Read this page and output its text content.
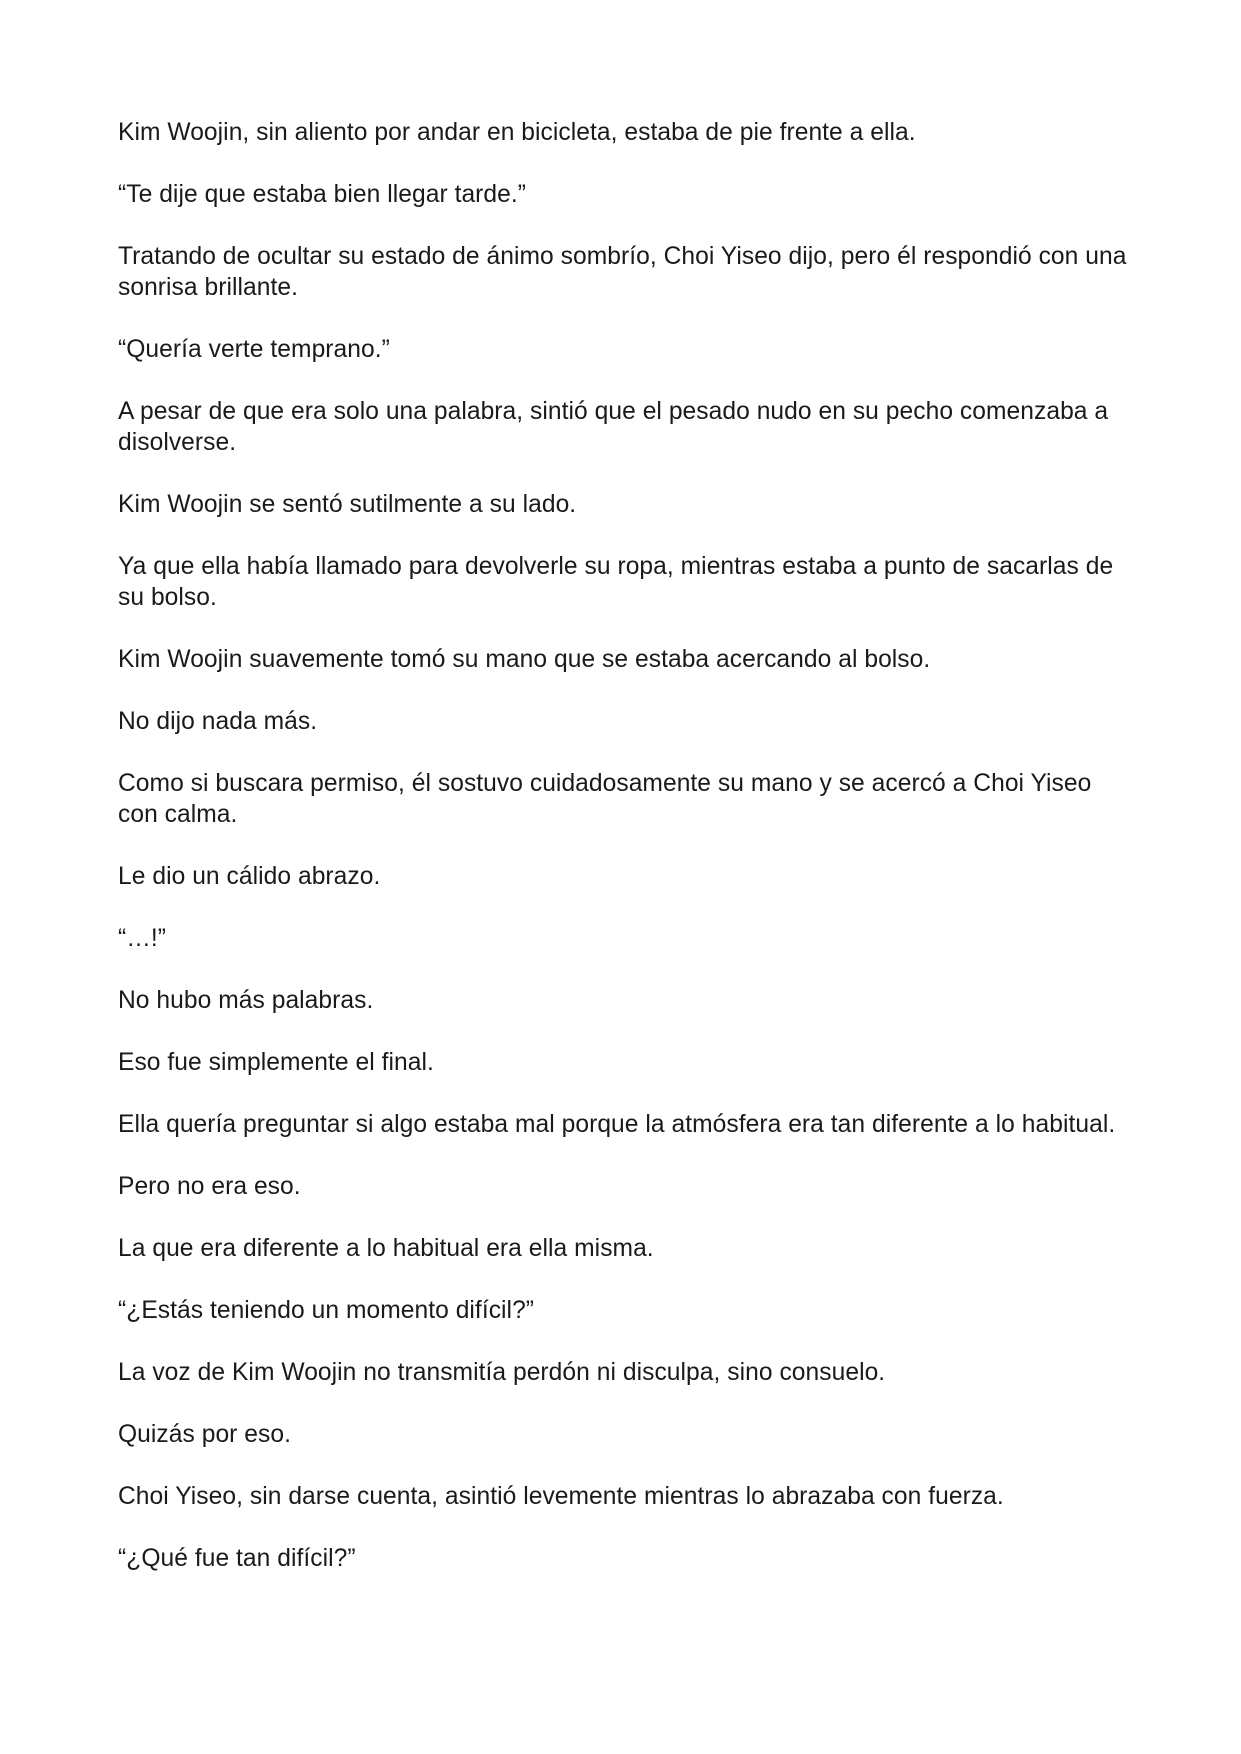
Kim Woojin, sin aliento por andar en bicicleta, estaba de pie frente a ella.

“Te dije que estaba bien llegar tarde.”

Tratando de ocultar su estado de ánimo sombrío, Choi Yiseo dijo, pero él respondió con una sonrisa brillante.

“Quería verte temprano.”

A pesar de que era solo una palabra, sintió que el pesado nudo en su pecho comenzaba a disolverse.

Kim Woojin se sentó sutilmente a su lado.

Ya que ella había llamado para devolverle su ropa, mientras estaba a punto de sacarlas de su bolso.

Kim Woojin suavemente tomó su mano que se estaba acercando al bolso.

No dijo nada más.

Como si buscara permiso, él sostuvo cuidadosamente su mano y se acercó a Choi Yiseo con calma.

Le dio un cálido abrazo.

“…!”

No hubo más palabras.

Eso fue simplemente el final.

Ella quería preguntar si algo estaba mal porque la atmósfera era tan diferente a lo habitual.

Pero no era eso.

La que era diferente a lo habitual era ella misma.

“¿Estás teniendo un momento difícil?”

La voz de Kim Woojin no transmitía perdón ni disculpa, sino consuelo.

Quizás por eso.

Choi Yiseo, sin darse cuenta, asintió levemente mientras lo abrazaba con fuerza.

“¿Qué fue tan difícil?”
